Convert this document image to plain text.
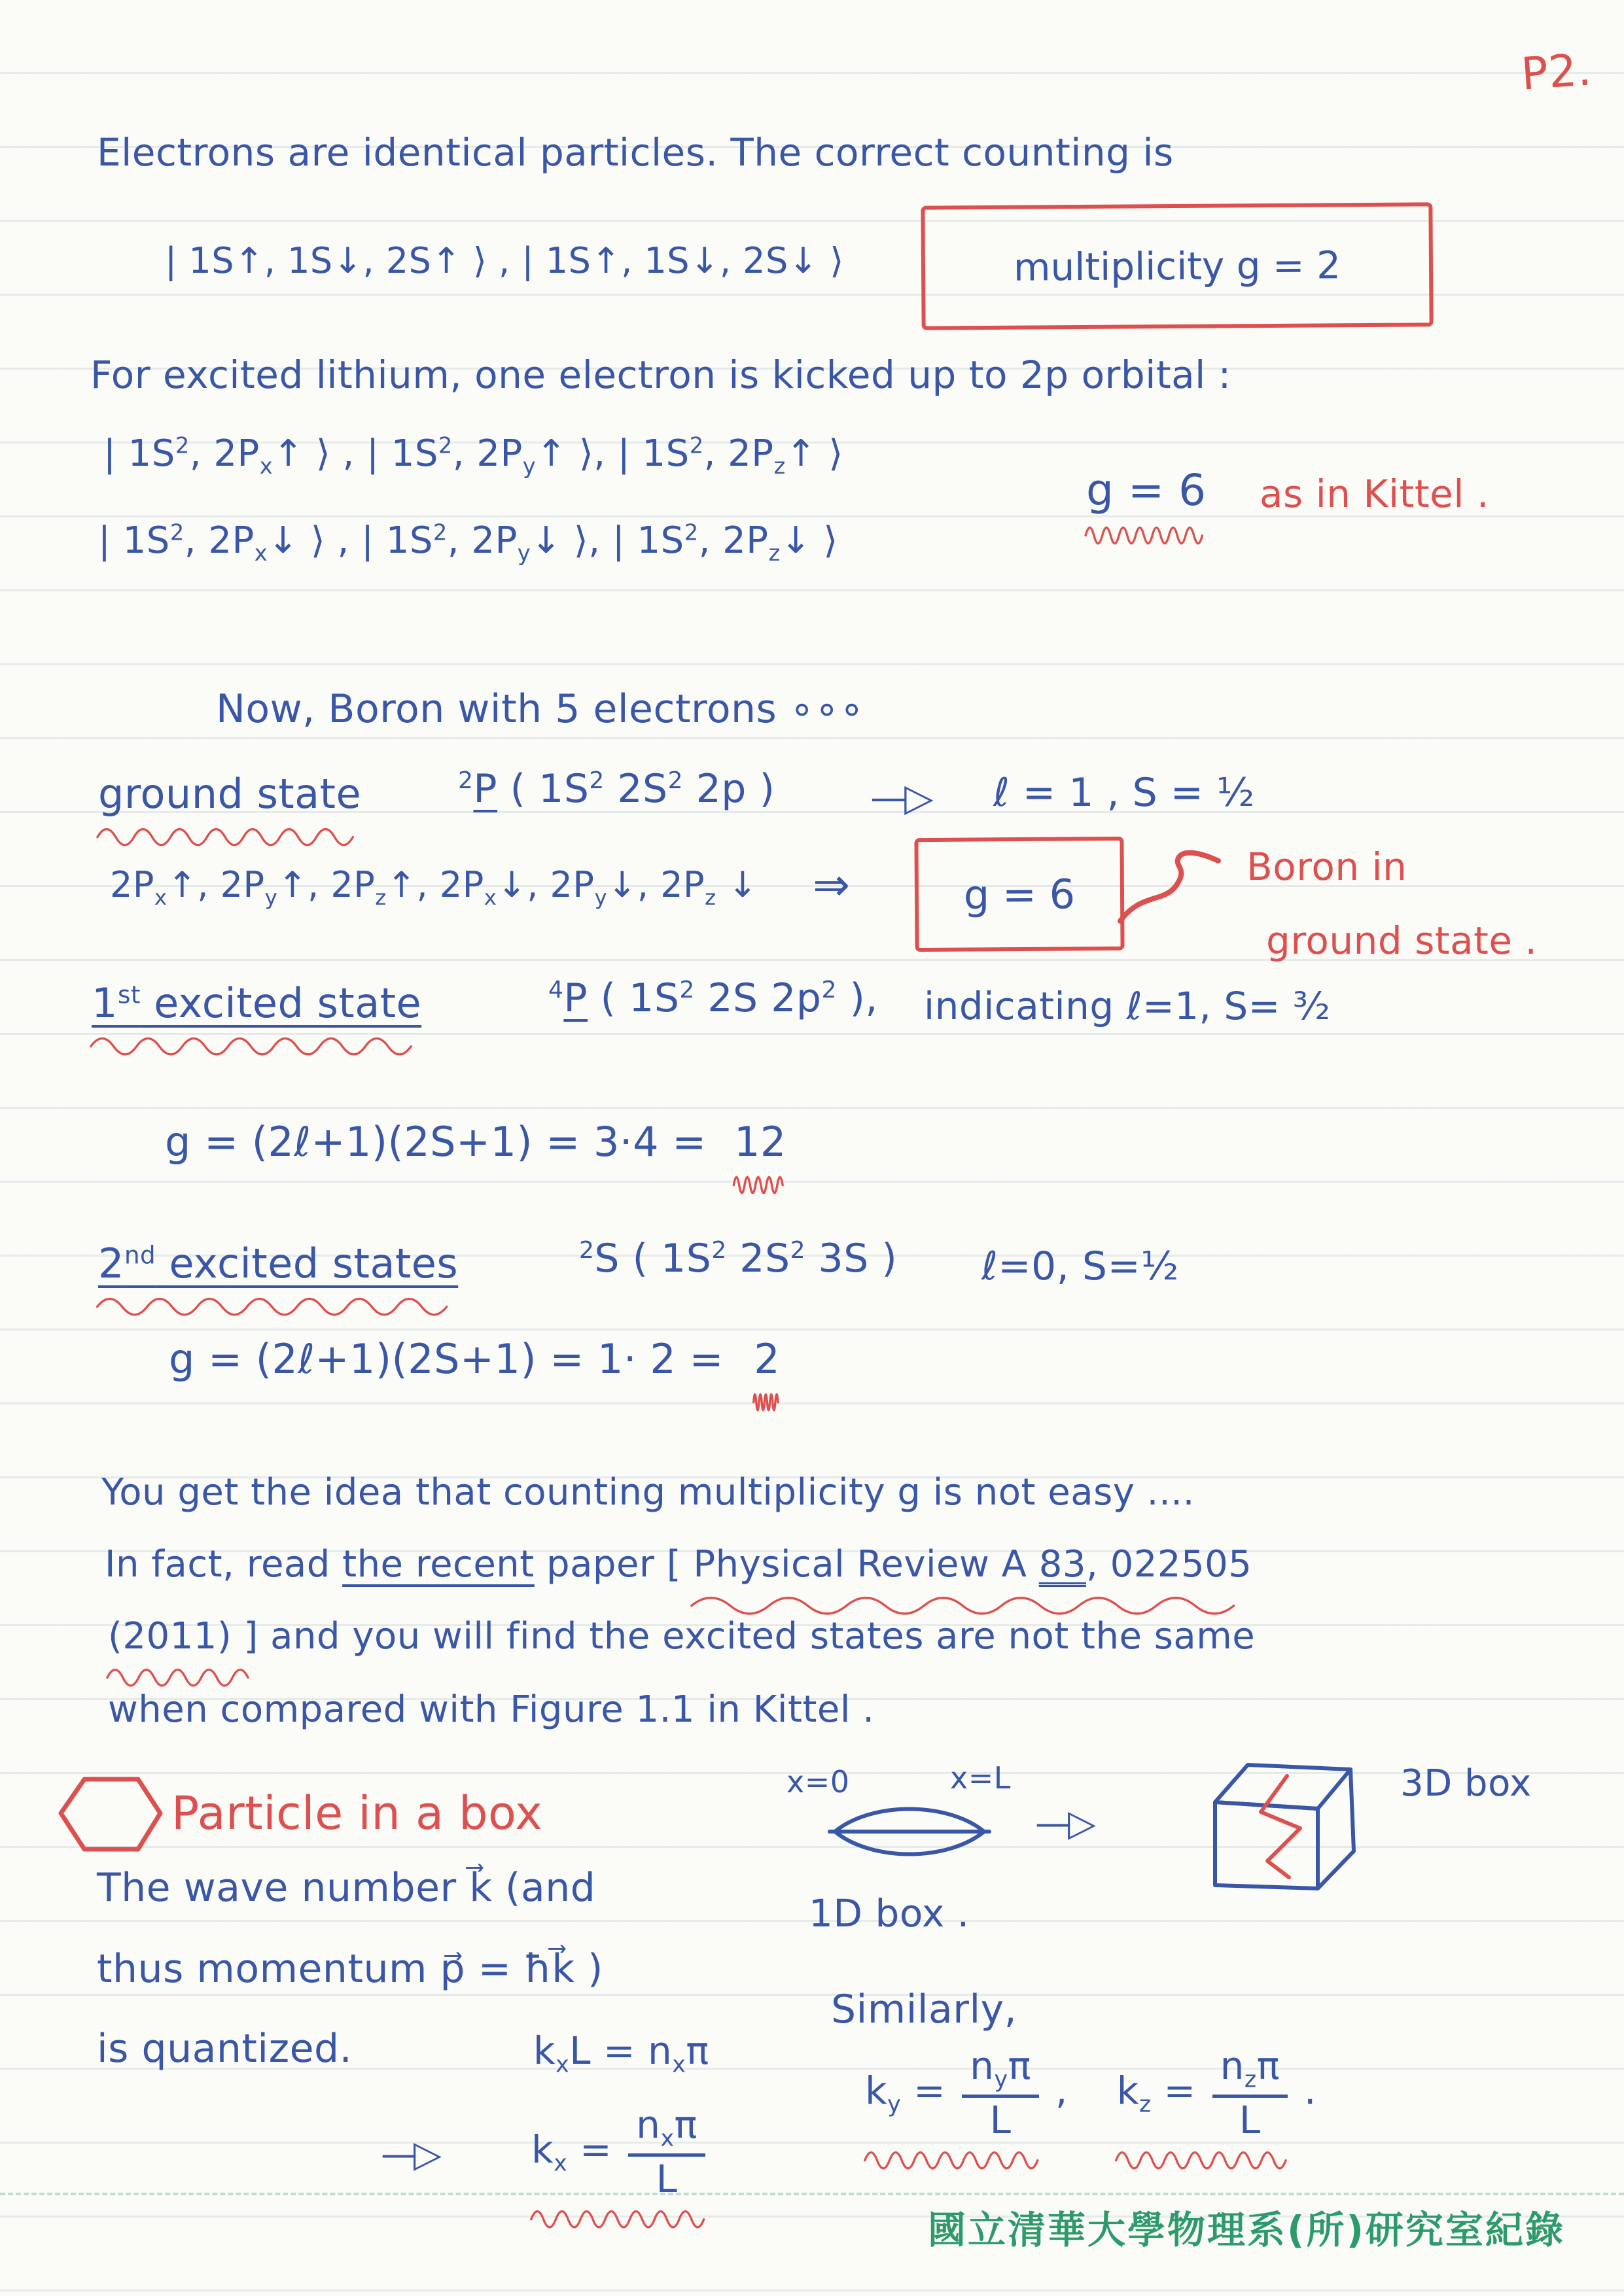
P2.
Electrons are identical particles. The correct counting is
| 1S↑, 1S↓, 2S↑ ⟩ , | 1S↑, 1S↓, 2S↓ ⟩	multiplicity g = 2
For excited lithium, one electron is kicked up to 2p orbital :
| $1S^2$, $2P_x↑$ ⟩ , | $1S^2$, $2P_y↑$ ⟩, | $1S^2$, $2P_z↑$ ⟩
g = 6 as in Kittel .
| $1S^2$, $2P_x↓$ ⟩ , | $1S^2$, $2P_y↓$ ⟩, | $1S^2$, $2P_z↓$ ⟩
Now, Boron with 5 electrons ∘∘∘
ground state	$^2$P ( $1S^2$ $2S^2$ 2p )	—▷ ℓ = 1 , S = ½
$2P_x↑$, $2P_y↑$, $2P_z↑$, $2P_x↓$, $2P_y↓$, $2P_z$ ↓ ⇒	g = 6
Boron in
ground state .
1st excited state	$^4$P ( $1S^2$ 2S $2p^2$ ), indicating ℓ=1, S= ³⁄₂
g = (2ℓ+1)(2S+1) = 3·4 = 12
2nd excited states	$^2$S ( $1S^2$ $2S^2$ 3S ) ℓ=0, S=½
g = (2ℓ+1)(2S+1) = 1· 2 = 2
You get the idea that counting multiplicity g is not easy ....
In fact, read the recent paper [ Physical Review A 83, 022505
(2011) ]
and you will find the excited states are not the same
when compared with Figure 1.1 in Kittel .
2 Particle in a box
The wave number k⃗ (and
thus momentum p⃗ = ħk⃗ )
is quantized.
x=0	x=L
—▷
3D box
1D box .
$k_xL = n_x\pi$
—▷ $k_x = \frac{n_x\pi}{L}$
Similarly,
$k_y = \frac{n_y\pi}{L}$ , $k_z = \frac{n_z\pi}{L}$ .
國立清華大學物理系(所)研究室紀錄
